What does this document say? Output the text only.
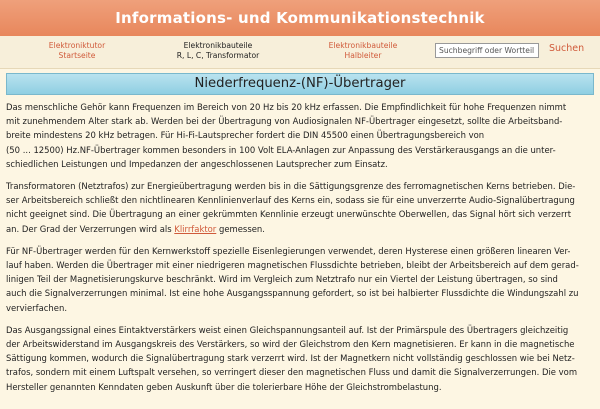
Informations- und Kommunikationstechnik
Elektroniktutor
Startseite
Elektronikbauteile
R, L, C, Transformator
Elektronikbauteile
Halbleiter
Suchbegriff oder Wortteil
Suchen
Niederfrequenz-(NF)-Übertrager

Das menschliche Gehör kann Frequenzen im Bereich von 20 Hz bis 20 kHz erfassen. Die Empfindlichkeit für hohe Frequenzen nimmt
mit zunehmendem Alter stark ab. Werden bei der Übertragung von Audiosignalen NF-Übertrager eingesetzt, sollte die Arbeitsband-
breite mindestens 20 kHz betragen. Für Hi-Fi-Lautsprecher fordert die DIN 45500 einen Übertragungsbereich von
(50 ... 12500) Hz.NF-Übertrager kommen besonders in 100 Volt ELA-Anlagen zur Anpassung des Verstärkerausgangs an die unter-
schiedlichen Leistungen und Impedanzen der angeschlossenen Lautsprecher zum Einsatz.

Transformatoren (Netztrafos) zur Energieübertragung werden bis in die Sättigungsgrenze des ferromagnetischen Kerns betrieben. Die-
ser Arbeitsbereich schließt den nichtlinearen Kennlinienverlauf des Kerns ein, sodass sie für eine unverzerrte Audio-Signalübertragung
nicht geeignet sind. Die Übertragung an einer gekrümmten Kennlinie erzeugt unerwünschte Oberwellen, das Signal hört sich verzerrt
an. Der Grad der Verzerrungen wird als Klirrfaktor gemessen.

Für NF-Übertrager werden für den Kernwerkstoff spezielle Eisenlegierungen verwendet, deren Hysterese einen größeren linearen Ver-
lauf haben. Werden die Übertrager mit einer niedrigeren magnetischen Flussdichte betrieben, bleibt der Arbeitsbereich auf dem gerad-
linigen Teil der Magnetisierungskurve beschränkt. Wird im Vergleich zum Netztrafo nur ein Viertel der Leistung übertragen, so sind
auch die Signalverzerrungen minimal. Ist eine hohe Ausgangsspannung gefordert, so ist bei halbierter Flussdichte die Windungszahl zu
vervierfachen.

Das Ausgangssignal eines Eintaktverstärkers weist einen Gleichspannungsanteil auf. Ist der Primärspule des Übertragers gleichzeitig
der Arbeitswiderstand im Ausgangskreis des Verstärkers, so wird der Gleichstrom den Kern magnetisieren. Er kann in die magnetische
Sättigung kommen, wodurch die Signalübertragung stark verzerrt wird. Ist der Magnetkern nicht vollständig geschlossen wie bei Netz-
trafos, sondern mit einem Luftspalt versehen, so verringert dieser den magnetischen Fluss und damit die Signalverzerrungen. Die vom
Hersteller genannten Kenndaten geben Auskunft über die tolerierbare Höhe der Gleichstrombelastung.
